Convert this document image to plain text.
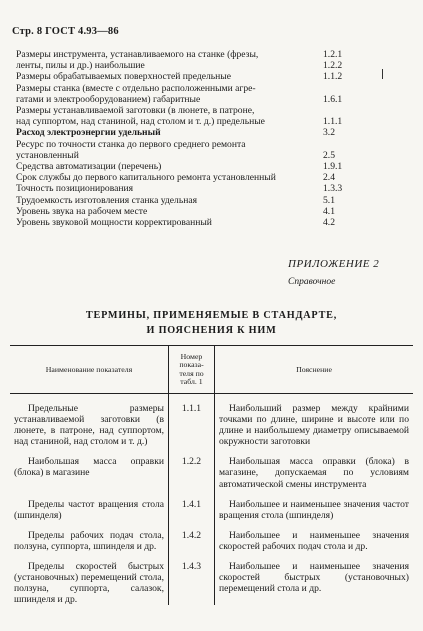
Стр. 8 ГОСТ 4.93—86
Размеры инструмента, устанавливаемого на станке (фрезы,	1.2.1
ленты, пилы и др.) наибольшие	1.2.2
Размеры обрабатываемых поверхностей предельные	1.1.2
Размеры станка (вместе с отдельно расположенными агре-
гатами и электрооборудованием) габаритные	1.6.1
Размеры устанавливаемой заготовки (в люнете, в патроне,
над суппортом, над станиной, над столом и т. д.) предельные	1.1.1
Расход электроэнергии удельный	3.2
Ресурс по точности станка до первого среднего ремонта
установленный	2.5
Средства автоматизации (перечень)	1.9.1
Срок службы до первого капитального ремонта установленный	2.4
Точность позиционирования	1.3.3
Трудоемкость изготовления станка удельная	5.1
Уровень звука на рабочем месте	4.1
Уровень звуковой мощности корректированный	4.2
ПРИЛОЖЕНИЕ 2
Справочное
ТЕРМИНЫ, ПРИМЕНЯЕМЫЕ В СТАНДАРТЕ,
И ПОЯСНЕНИЯ К НИМ
Наименование показателя	Номер показа- теля по табл. 1	Пояснение

Предельные размеры устанавливаемой заготовки (в люнете, в патроне, над суппортом, над станиной, над столом и т. д.)	1.1.1	Наибольший размер между крайними точками по длине, ширине и высоте или по длине и наибольшему диаметру описываемой окружности заготовки

Наибольшая масса оправки (блока) в магазине	1.2.2	Наибольшая масса оправки (блока) в магазине, допускаемая по условиям автоматической смены инструмента

Пределы частот вращения стола (шпинделя)	1.4.1	Наибольшее и наименьшее значения частот вращения стола (шпинделя)

Пределы рабочих подач стола, ползуна, суппорта, шпинделя и др.	1.4.2	Наибольшее и наименьшее значения скоростей рабочих подач стола и др.

Пределы скоростей быстрых (установочных) перемещений стола, ползуна, суппорта, салазок, шпинделя и др.	1.4.3	Наибольшее и наименьшее значения скоростей быстрых (установочных) перемещений стола и др.
